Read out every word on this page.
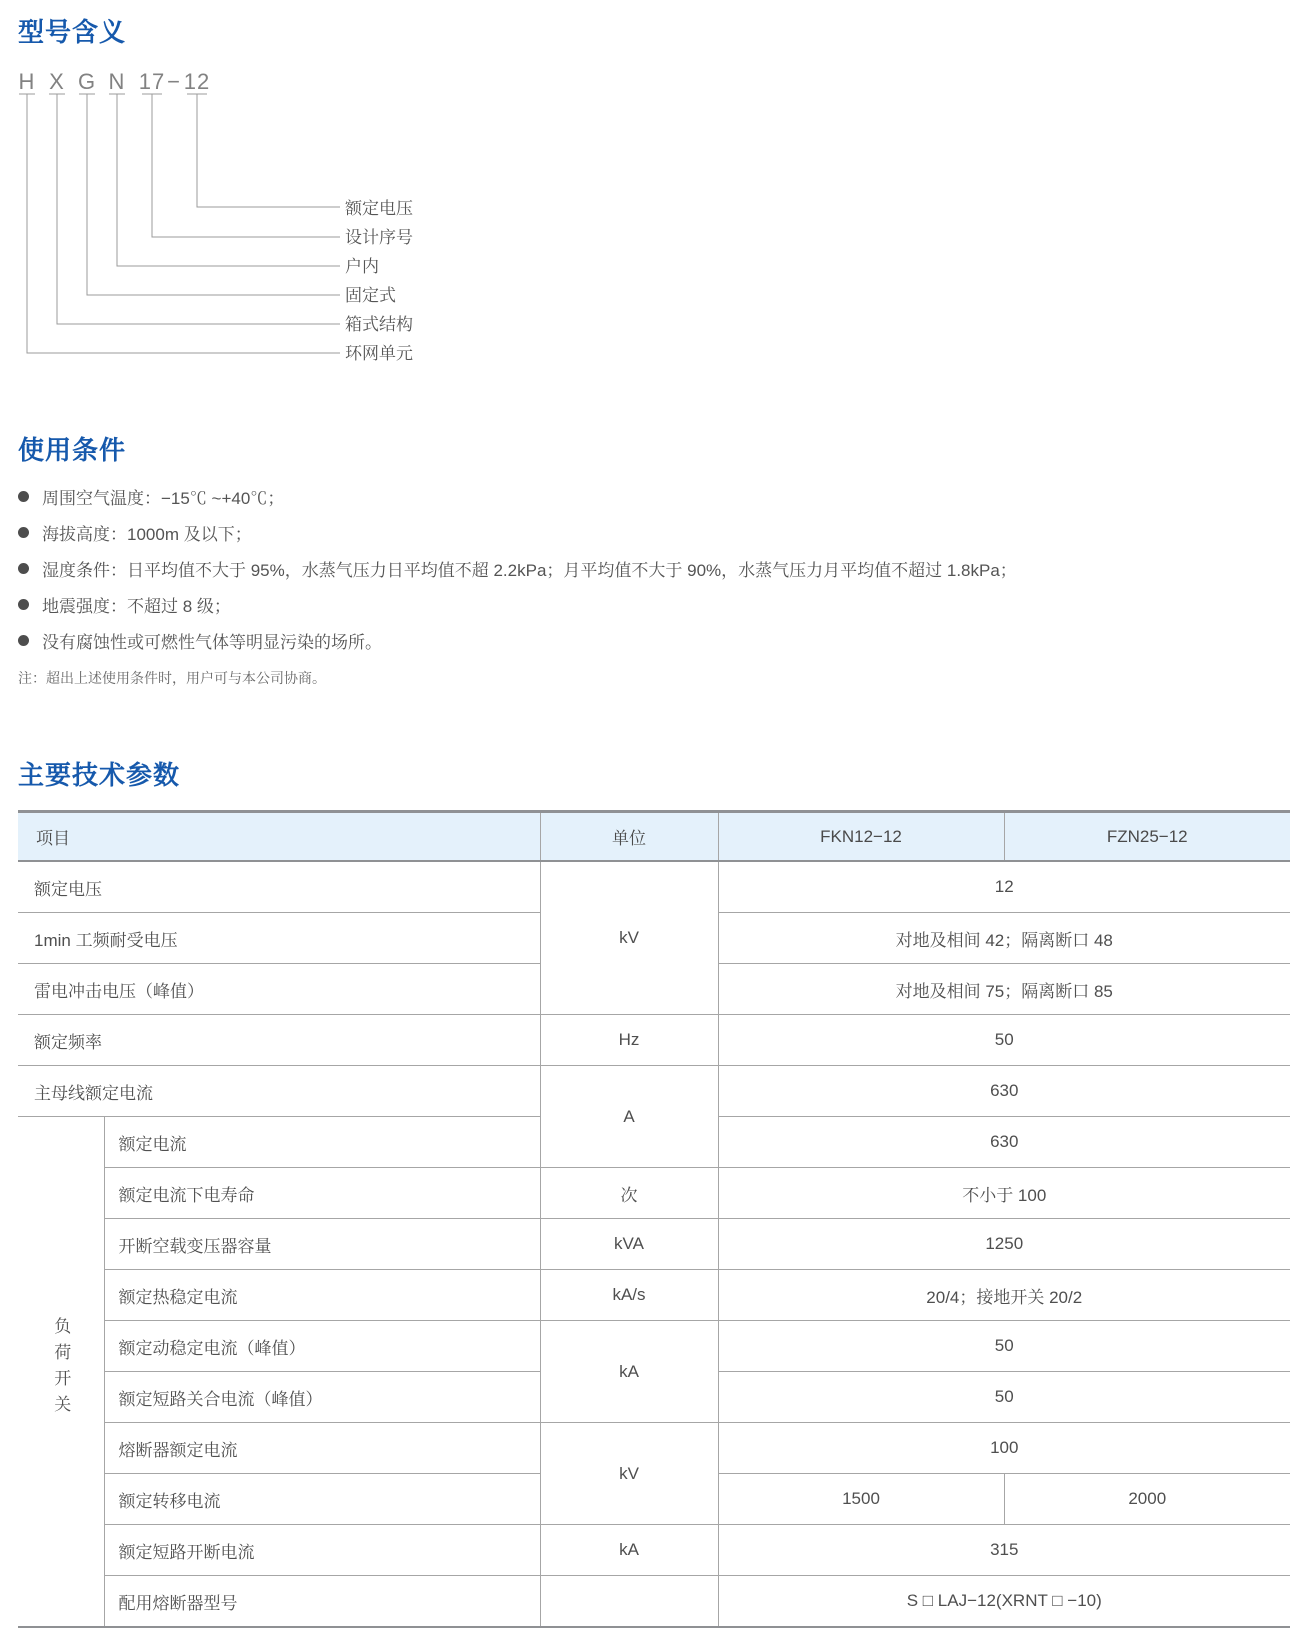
型号含义
H X G N 17 − 12
额定电压
设计序号
户内
固定式
箱式结构
环网单元
使用条件
周围空气温度：−15℃ ~+40℃；
海拔高度：1000m 及以下；
湿度条件：日平均值不大于 95%，水蒸气压力日平均值不超 2.2kPa；月平均值不大于 90%，水蒸气压力月平均值不超过 1.8kPa；
地震强度：不超过 8 级；
没有腐蚀性或可燃性气体等明显污染的场所。
注：超出上述使用条件时，用户可与本公司协商。
主要技术参数
项目		单位	FKN12−12	FZN25−12
额定电压		kV	12	
1min 工频耐受电压			对地及相间 42；隔离断口 48	
雷电冲击电压（峰值）			对地及相间 75；隔离断口 85	
额定频率		Hz	50	
主母线额定电流		A	630	
负荷开关	额定电流		630	
	额定电流下电寿命	次	不小于 100	
	开断空载变压器容量	kVA	1250	
	额定热稳定电流	kA/s	20/4；接地开关 20/2	
	额定动稳定电流（峰值）	kA	50	
	额定短路关合电流（峰值）		50	
	熔断器额定电流	kV	100	
	额定转移电流		1500	2000
	额定短路开断电流	kA	315	
	配用熔断器型号		S □ LAJ−12(XRNT □ −10)	
